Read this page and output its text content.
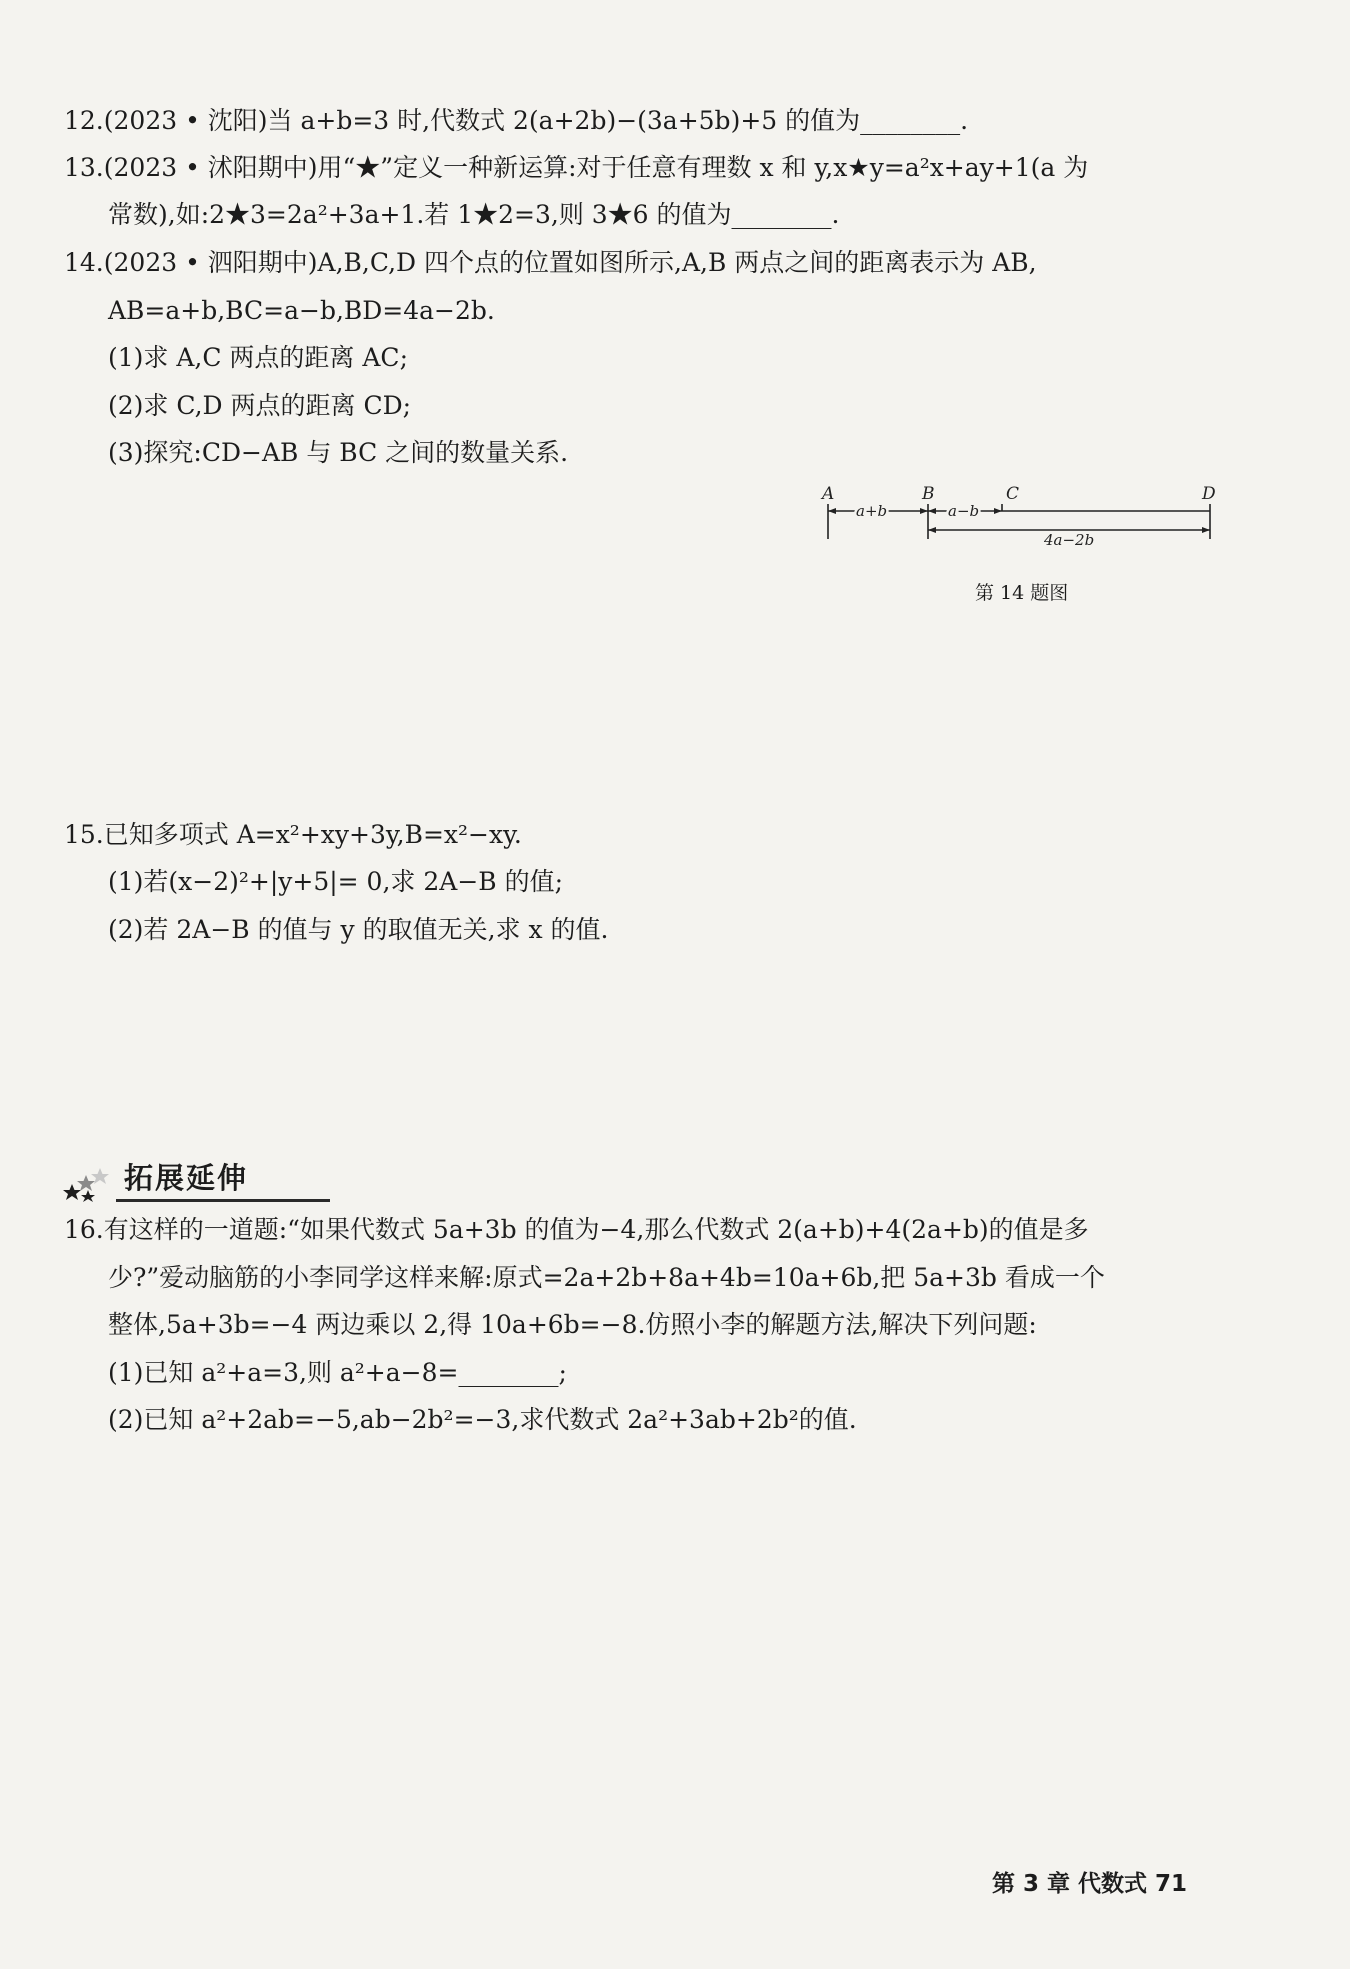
12.(2023 • 沈阳)当 a+b=3 时,代数式 2(a+2b)−(3a+5b)+5 的值为________.
13.(2023 • 沭阳期中)用“★”定义一种新运算:对于任意有理数 x 和 y,x★y=a²x+ay+1(a 为
常数),如:2★3=2a²+3a+1.若 1★2=3,则 3★6 的值为________.
14.(2023 • 泗阳期中)A,B,C,D 四个点的位置如图所示,A,B 两点之间的距离表示为 AB,
AB=a+b,BC=a−b,BD=4a−2b.
(1)求 A,C 两点的距离 AC;
(2)求 C,D 两点的距离 CD;
(3)探究:CD−AB 与 BC 之间的数量关系.
A	B	C	D
a+b	a−b
4a−2b
第 14 题图
15.已知多项式 A=x²+xy+3y,B=x²−xy.
(1)若(x−2)²+|y+5|= 0,求 2A−B 的值;
(2)若 2A−B 的值与 y 的取值无关,求 x 的值.
拓展延伸
16.有这样的一道题:“如果代数式 5a+3b 的值为−4,那么代数式 2(a+b)+4(2a+b)的值是多
少?”爱动脑筋的小李同学这样来解:原式=2a+2b+8a+4b=10a+6b,把 5a+3b 看成一个
整体,5a+3b=−4 两边乘以 2,得 10a+6b=−8.仿照小李的解题方法,解决下列问题:
(1)已知 a²+a=3,则 a²+a−8=________;
(2)已知 a²+2ab=−5,ab−2b²=−3,求代数式 2a²+3ab+2b²的值.
第 3 章 代数式 71
